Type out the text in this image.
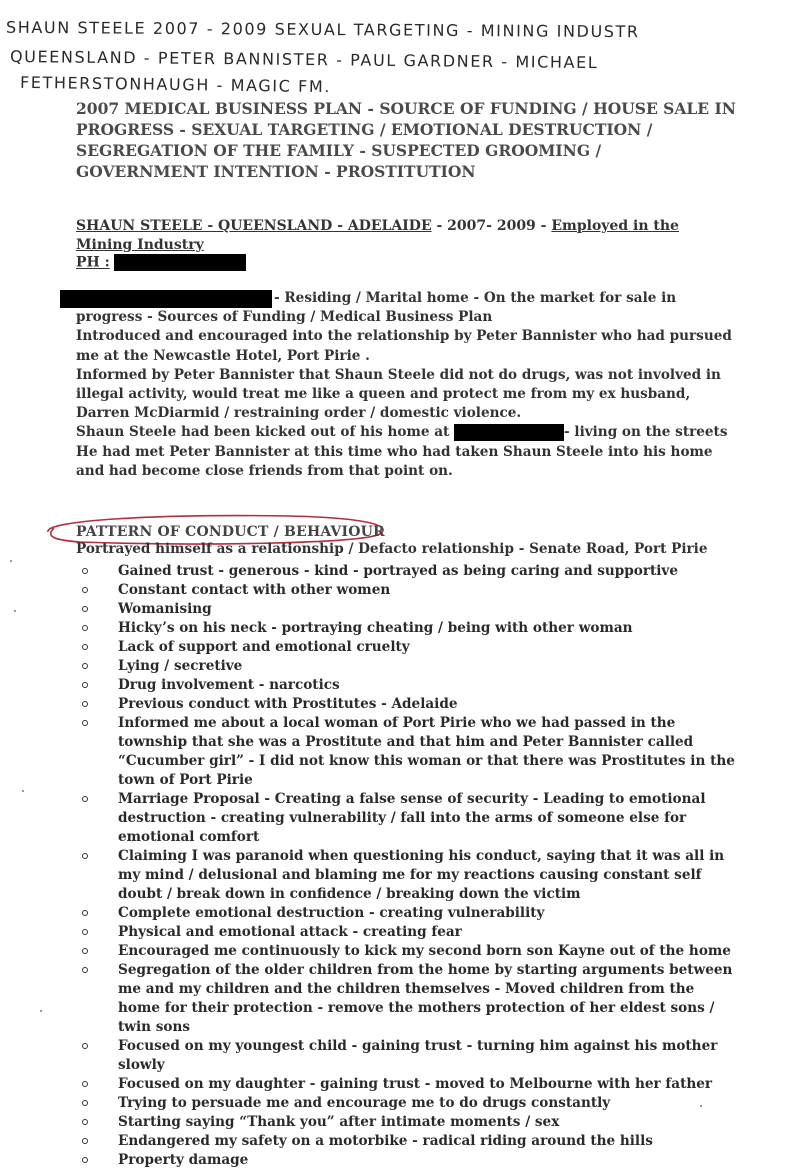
SHAUN STEELE 2007 - 2009 SEXUAL TARGETING - MINING INDUSTR
QUEENSLAND - PETER BANNISTER - PAUL GARDNER - MICHAEL
FETHERSTONHAUGH - MAGIC FM.
2007 MEDICAL BUSINESS PLAN - SOURCE OF FUNDING / HOUSE SALE IN PROGRESS - SEXUAL TARGETING / EMOTIONAL DESTRUCTION / SEGREGATION OF THE FAMILY - SUSPECTED GROOMING / GOVERNMENT INTENTION - PROSTITUTION
SHAUN STEELE - QUEENSLAND - ADELAIDE - 2007- 2009 - Employed in the Mining Industry
PH :

- Residing / Marital home - On the market for sale in progress - Sources of Funding / Medical Business Plan

Introduced and encouraged into the relationship by Peter Bannister who had pursued me at the Newcastle Hotel, Port Pirie .

Informed by Peter Bannister that Shaun Steele did not do drugs, was not involved in illegal activity, would treat me like a queen and protect me from my ex husband, Darren McDiarmid / restraining order / domestic violence.

Shaun Steele had been kicked out of his home at	- living on the streets

He had met Peter Bannister at this time who had taken Shaun Steele into his home and had become close friends from that point on.

PATTERN OF CONDUCT / BEHAVIOUR
Portrayed himself as a relationship / Defacto relationship - Senate Road, Port Pirie
Gained trust - generous - kind - portrayed as being caring and supportive
Constant contact with other women
Womanising
Hicky’s on his neck - portraying cheating / being with other woman
Lack of support and emotional cruelty
Lying / secretive
Drug involvement - narcotics
Previous conduct with Prostitutes - Adelaide
Informed me about a local woman of Port Pirie who we had passed in the township that she was a Prostitute and that him and Peter Bannister called “Cucumber girl” - I did not know this woman or that there was Prostitutes in the town of Port Pirie
Marriage Proposal - Creating a false sense of security - Leading to emotional destruction - creating vulnerability / fall into the arms of someone else for emotional comfort
Claiming I was paranoid when questioning his conduct, saying that it was all in my mind / delusional and blaming me for my reactions causing constant self doubt / break down in confidence / breaking down the victim
Complete emotional destruction - creating vulnerability
Physical and emotional attack - creating fear
Encouraged me continuously to kick my second born son Kayne out of the home
Segregation of the older children from the home by starting arguments between me and my children and the children themselves - Moved children from the home for their protection - remove the mothers protection of her eldest sons / twin sons
Focused on my youngest child - gaining trust - turning him against his mother slowly
Focused on my daughter - gaining trust - moved to Melbourne with her father
Trying to persuade me and encourage me to do drugs constantly
Starting saying “Thank you” after intimate moments / sex
Endangered my safety on a motorbike - radical riding around the hills
Property damage
